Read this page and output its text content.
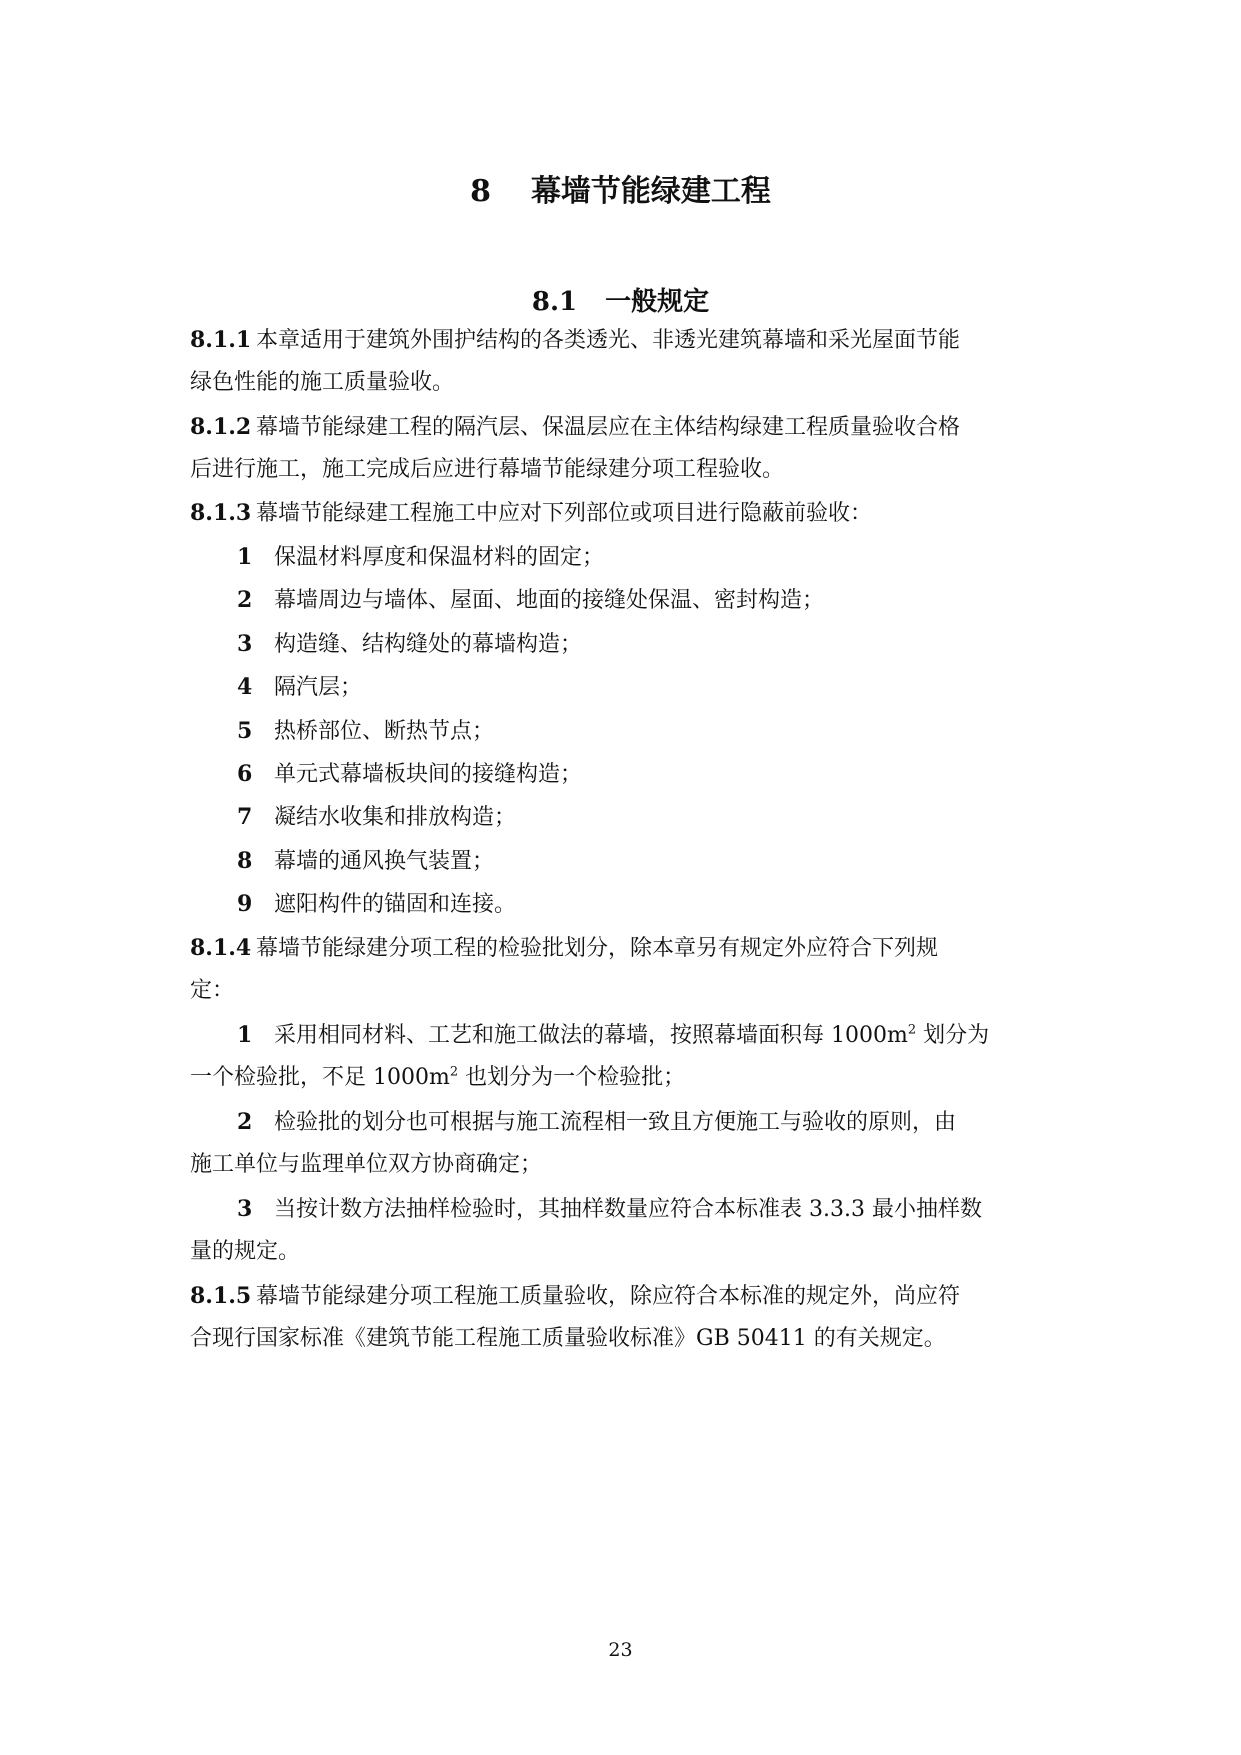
8 幕墙节能绿建工程
8.1 一般规定
8.1.1 本章适用于建筑外围护结构的各类透光、非透光建筑幕墙和采光屋面节能
绿色性能的施工质量验收。
8.1.2 幕墙节能绿建工程的隔汽层、保温层应在主体结构绿建工程质量验收合格
后进行施工，施工完成后应进行幕墙节能绿建分项工程验收。
8.1.3 幕墙节能绿建工程施工中应对下列部位或项目进行隐蔽前验收：
1 保温材料厚度和保温材料的固定；
2 幕墙周边与墙体、屋面、地面的接缝处保温、密封构造；
3 构造缝、结构缝处的幕墙构造；
4 隔汽层；
5 热桥部位、断热节点；
6 单元式幕墙板块间的接缝构造；
7 凝结水收集和排放构造；
8 幕墙的通风换气装置；
9 遮阳构件的锚固和连接。
8.1.4 幕墙节能绿建分项工程的检验批划分，除本章另有规定外应符合下列规
定：
1 采用相同材料、工艺和施工做法的幕墙，按照幕墙面积每 $1000m^2$ 划分为
一个检验批，不足 $1000m^2$ 也划分为一个检验批；
2 检验批的划分也可根据与施工流程相一致且方便施工与验收的原则，由
施工单位与监理单位双方协商确定；
3 当按计数方法抽样检验时，其抽样数量应符合本标准表 3.3.3 最小抽样数
量的规定。
8.1.5 幕墙节能绿建分项工程施工质量验收，除应符合本标准的规定外，尚应符
合现行国家标准《建筑节能工程施工质量验收标准》GB 50411 的有关规定。
23
